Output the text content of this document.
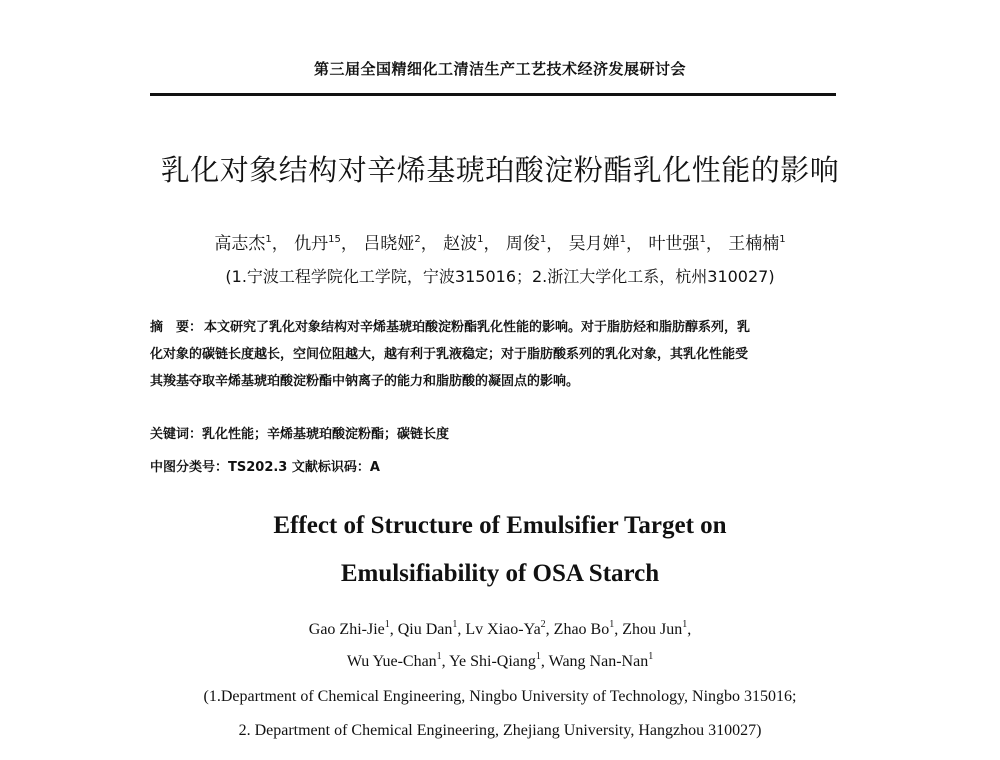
第三届全国精细化工清洁生产工艺技术经济发展研讨会
乳化对象结构对辛烯基琥珀酸淀粉酯乳化性能的影响
高志杰$^1$， 仇丹$^{15}$， 吕晓娅$^2$， 赵波$^1$， 周俊$^1$， 吴月婵$^1$， 叶世强$^1$， 王楠楠$^1$
(1.宁波工程学院化工学院，宁波315016；2.浙江大学化工系，杭州310027)
摘　要： 本文研究了乳化对象结构对辛烯基琥珀酸淀粉酯乳化性能的影响。对于脂肪烃和脂肪醇系列，乳
化对象的碳链长度越长，空间位阻越大，越有利于乳液稳定；对于脂肪酸系列的乳化对象，其乳化性能受
其羧基夺取辛烯基琥珀酸淀粉酯中钠离子的能力和脂肪酸的凝固点的影响。
关键词：乳化性能；辛烯基琥珀酸淀粉酯；碳链长度
中图分类号：TS202.3 文献标识码：A
Effect of Structure of Emulsifier Target on
Emulsifiability of OSA Starch
Gao Zhi-Jie$^1$, Qiu Dan$^1$, Lv Xiao-Ya$^2$, Zhao Bo$^1$, Zhou Jun$^1$,
Wu Yue-Chan$^1$, Ye Shi-Qiang$^1$, Wang Nan-Nan$^1$
(1.Department of Chemical Engineering, Ningbo University of Technology, Ningbo 315016;
2. Department of Chemical Engineering, Zhejiang University, Hangzhou 310027)
